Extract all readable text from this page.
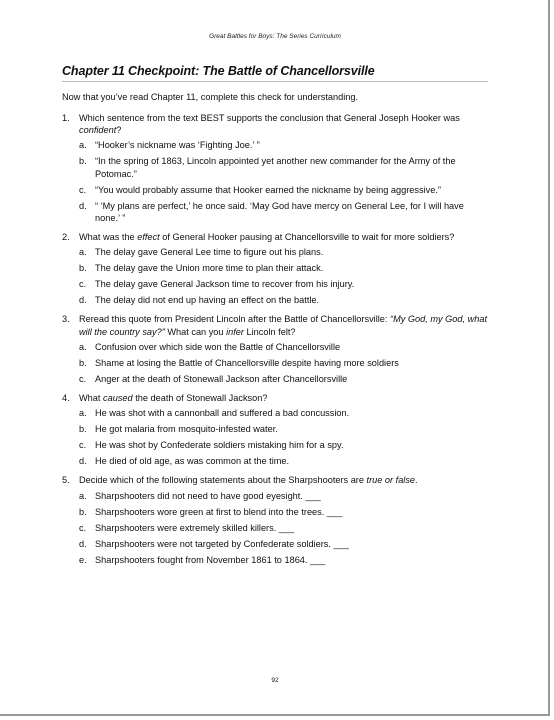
Great Battles for Boys: The Series Curriculum
Chapter 11 Checkpoint: The Battle of Chancellorsville
Now that you’ve read Chapter 11, complete this check for understanding.
1. Which sentence from the text BEST supports the conclusion that General Joseph Hooker was confident?
a. “Hooker’s nickname was ‘Fighting Joe.’ ”
b. “In the spring of 1863, Lincoln appointed yet another new commander for the Army of the Potomac.”
c. “You would probably assume that Hooker earned the nickname by being aggressive.”
d. “ ‘My plans are perfect,’ he once said. ‘May God have mercy on General Lee, for I will have none.’ ”
2. What was the effect of General Hooker pausing at Chancellorsville to wait for more soldiers?
a. The delay gave General Lee time to figure out his plans.
b. The delay gave the Union more time to plan their attack.
c. The delay gave General Jackson time to recover from his injury.
d. The delay did not end up having an effect on the battle.
3. Reread this quote from President Lincoln after the Battle of Chancellorsville: “My God, my God, what will the country say?” What can you infer Lincoln felt?
a. Confusion over which side won the Battle of Chancellorsville
b. Shame at losing the Battle of Chancellorsville despite having more soldiers
c. Anger at the death of Stonewall Jackson after Chancellorsville
4. What caused the death of Stonewall Jackson?
a. He was shot with a cannonball and suffered a bad concussion.
b. He got malaria from mosquito-infested water.
c. He was shot by Confederate soldiers mistaking him for a spy.
d. He died of old age, as was common at the time.
5. Decide which of the following statements about the Sharpshooters are true or false.
a. Sharpshooters did not need to have good eyesight. ___
b. Sharpshooters wore green at first to blend into the trees. ___
c. Sharpshooters were extremely skilled killers. ___
d. Sharpshooters were not targeted by Confederate soldiers. ___
e. Sharpshooters fought from November 1861 to 1864. ___
92
